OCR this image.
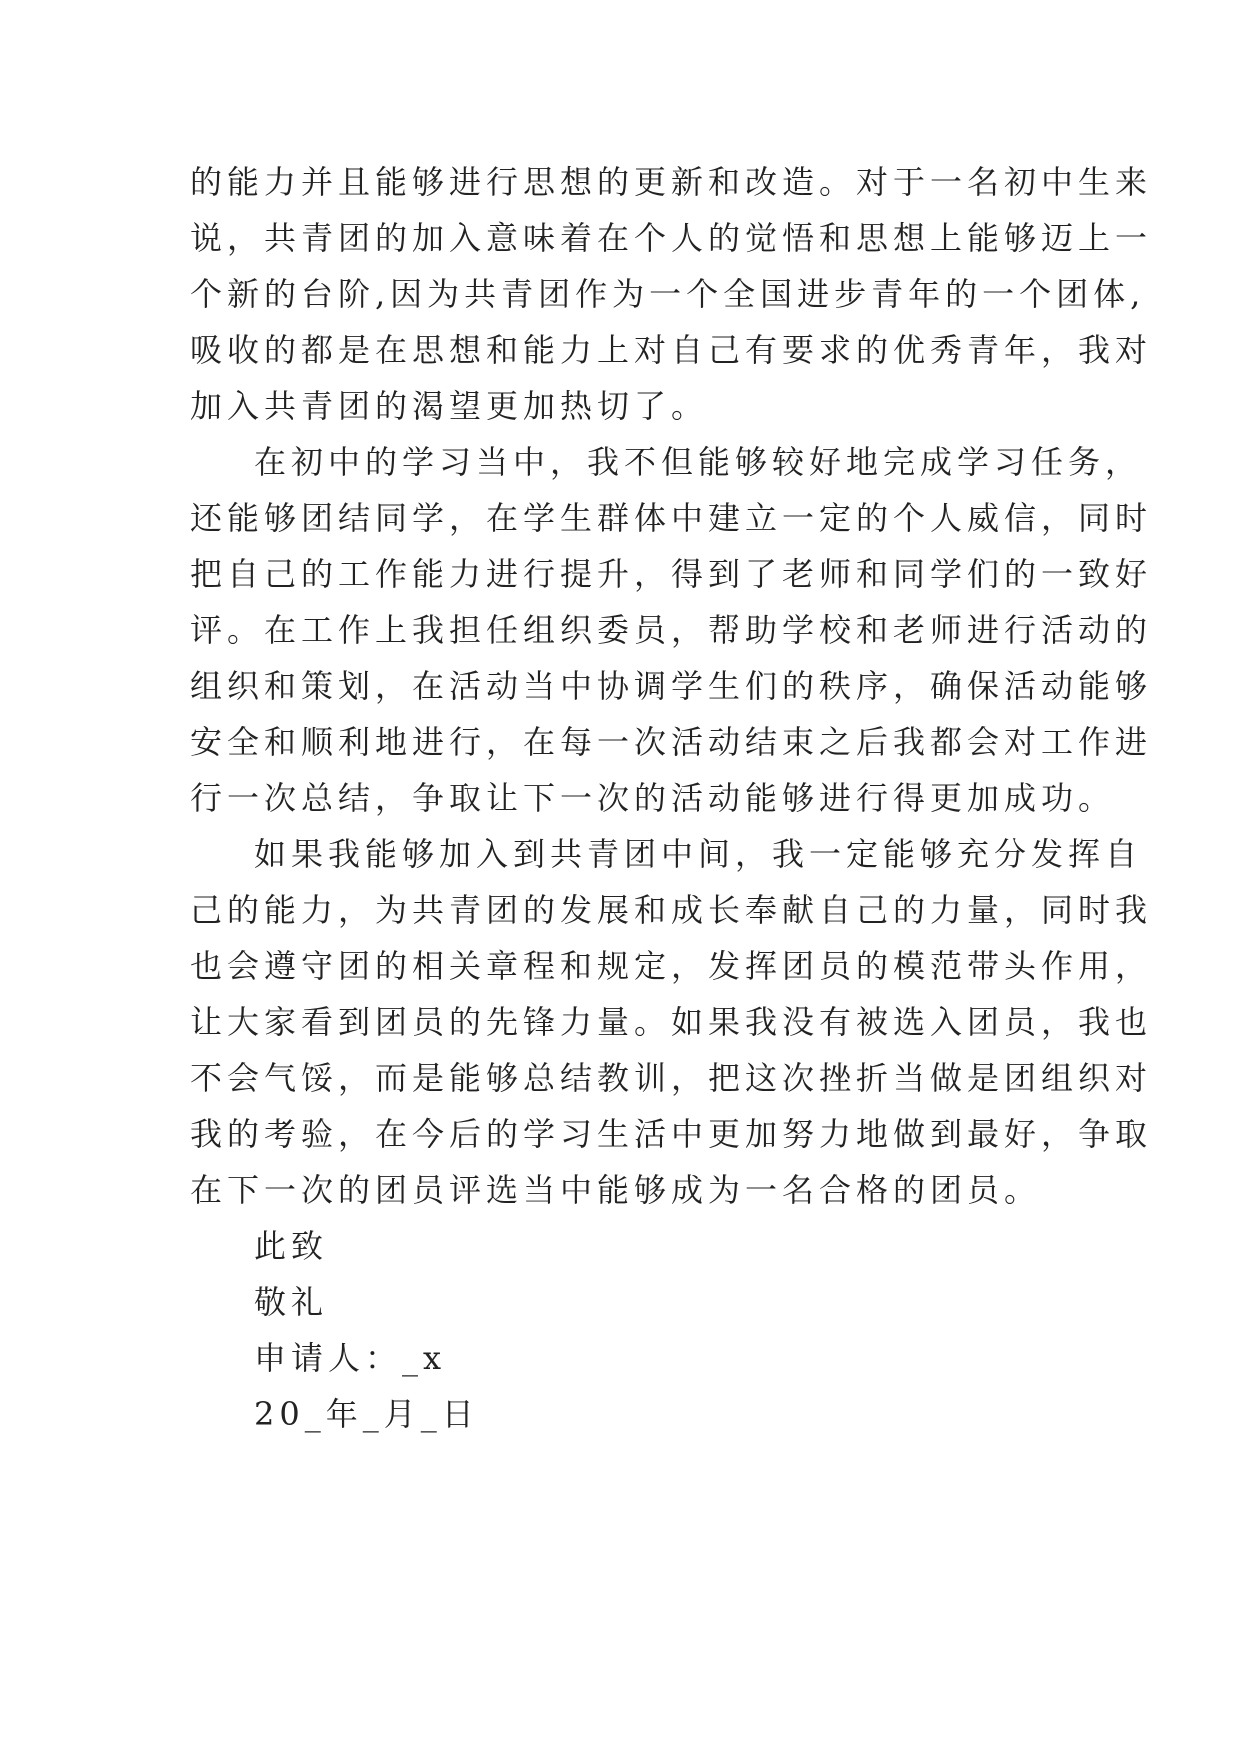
的能力并且能够进行思想的更新和改造。对于一名初中生来
说，共青团的加入意味着在个人的觉悟和思想上能够迈上一
个新的台阶,因为共青团作为一个全国进步青年的一个团体,
吸收的都是在思想和能力上对自己有要求的优秀青年，我对
加入共青团的渴望更加热切了。
在初中的学习当中，我不但能够较好地完成学习任务，
还能够团结同学，在学生群体中建立一定的个人威信，同时
把自己的工作能力进行提升，得到了老师和同学们的一致好
评。在工作上我担任组织委员，帮助学校和老师进行活动的
组织和策划，在活动当中协调学生们的秩序，确保活动能够
安全和顺利地进行，在每一次活动结束之后我都会对工作进
行一次总结，争取让下一次的活动能够进行得更加成功。
如果我能够加入到共青团中间，我一定能够充分发挥自
己的能力，为共青团的发展和成长奉献自己的力量，同时我
也会遵守团的相关章程和规定，发挥团员的模范带头作用，
让大家看到团员的先锋力量。如果我没有被选入团员，我也
不会气馁，而是能够总结教训，把这次挫折当做是团组织对
我的考验，在今后的学习生活中更加努力地做到最好，争取
在下一次的团员评选当中能够成为一名合格的团员。
此致
敬礼
申请人：_x
20_年_月_日
